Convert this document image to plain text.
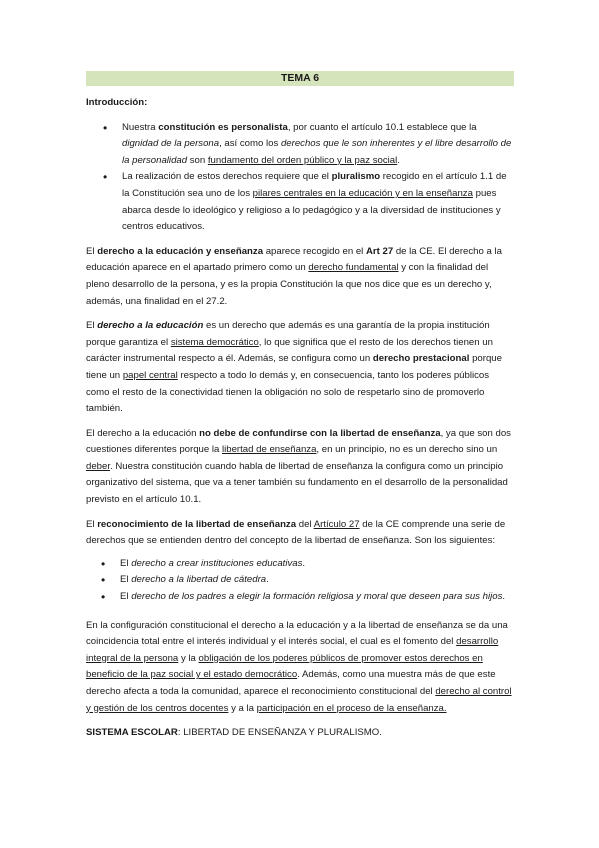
TEMA 6
Introducción:
• Nuestra constitución es personalista, por cuanto el artículo 10.1 establece que la dignidad de la persona, así como los derechos que le son inherentes y el libre desarrollo de la personalidad son fundamento del orden público y la paz social.
• La realización de estos derechos requiere que el pluralismo recogido en el artículo 1.1 de la Constitución sea uno de los pilares centrales en la educación y en la enseñanza pues abarca desde lo ideológico y religioso a lo pedagógico y a la diversidad de instituciones y centros educativos.

El derecho a la educación y enseñanza aparece recogido en el Art 27 de la CE. El derecho a la educación aparece en el apartado primero como un derecho fundamental y con la finalidad del pleno desarrollo de la persona, y es la propia Constitución la que nos dice que es un derecho y, además, una finalidad en el 27.2.

El derecho a la educación es un derecho que además es una garantía de la propia institución porque garantiza el sistema democrático, lo que significa que el resto de los derechos tienen un carácter instrumental respecto a él. Además, se configura como un derecho prestacional porque tiene un papel central respecto a todo lo demás y, en consecuencia, tanto los poderes públicos como el resto de la conectividad tienen la obligación no solo de respetarlo sino de promoverlo también.

El derecho a la educación no debe de confundirse con la libertad de enseñanza, ya que son dos cuestiones diferentes porque la libertad de enseñanza, en un principio, no es un derecho sino un deber. Nuestra constitución cuando habla de libertad de enseñanza la configura como un principio organizativo del sistema, que va a tener también su fundamento en el desarrollo de la personalidad previsto en el artículo 10.1.

El reconocimiento de la libertad de enseñanza del Artículo 27 de la CE comprende una serie de derechos que se entienden dentro del concepto de la libertad de enseñanza. Son los siguientes:

• El derecho a crear instituciones educativas.
• El derecho a la libertad de cátedra.
• El derecho de los padres a elegir la formación religiosa y moral que deseen para sus hijos.

En la configuración constitucional el derecho a la educación y a la libertad de enseñanza se da una coincidencia total entre el interés individual y el interés social, el cual es el fomento del desarrollo integral de la persona y la obligación de los poderes públicos de promover estos derechos en beneficio de la paz social y el estado democrático. Además, como una muestra más de que este derecho afecta a toda la comunidad, aparece el reconocimiento constitucional del derecho al control y gestión de los centros docentes y a la participación en el proceso de la enseñanza.

SISTEMA ESCOLAR: LIBERTAD DE ENSEÑANZA Y PLURALISMO.
